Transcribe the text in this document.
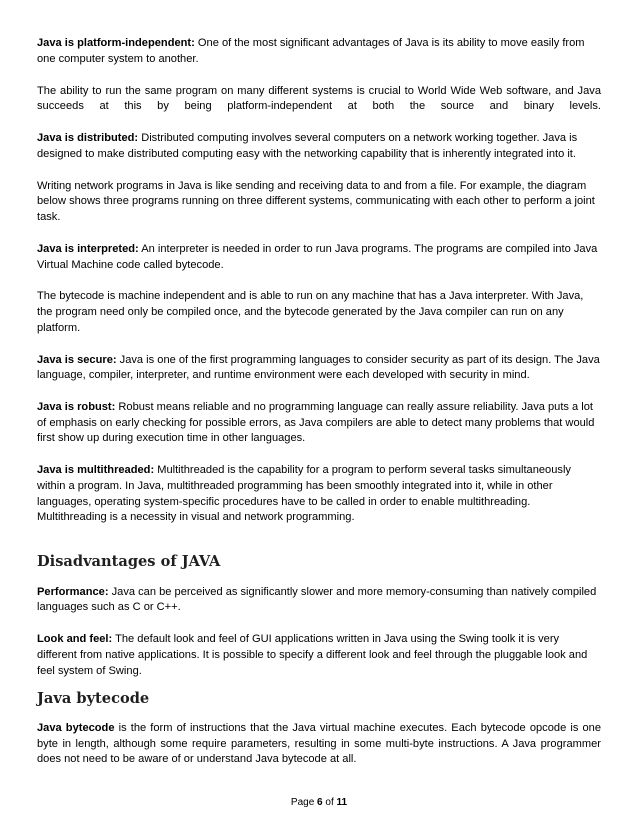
Java is platform-independent: One of the most significant advantages of Java is its ability to move easily from one computer system to another.

The ability to run the same program on many different systems is crucial to World Wide Web software, and Java succeeds at this by being platform-independent at both the source and binary levels.

Java is distributed: Distributed computing involves several computers on a network working together. Java is designed to make distributed computing easy with the networking capability that is inherently integrated into it.

Writing network programs in Java is like sending and receiving data to and from a file. For example, the diagram below shows three programs running on three different systems, communicating with each other to perform a joint task.

Java is interpreted: An interpreter is needed in order to run Java programs. The programs are compiled into Java Virtual Machine code called bytecode.

The bytecode is machine independent and is able to run on any machine that has a Java interpreter. With Java, the program need only be compiled once, and the bytecode generated by the Java compiler can run on any platform.

Java is secure: Java is one of the first programming languages to consider security as part of its design. The Java language, compiler, interpreter, and runtime environment were each developed with security in mind.

Java is robust: Robust means reliable and no programming language can really assure reliability. Java puts a lot of emphasis on early checking for possible errors, as Java compilers are able to detect many problems that would first show up during execution time in other languages.

Java is multithreaded: Multithreaded is the capability for a program to perform several tasks simultaneously within a program. In Java, multithreaded programming has been smoothly integrated into it, while in other languages, operating system-specific procedures have to be called in order to enable multithreading. Multithreading is a necessity in visual and network programming.

Disadvantages of JAVA

Performance: Java can be perceived as significantly slower and more memory-consuming than natively compiled languages such as C or C++.

Look and feel: The default look and feel of GUI applications written in Java using the Swing toolk it is very different from native applications. It is possible to specify a different look and feel through the pluggable look and feel system of Swing.

Java bytecode

Java bytecode is the form of instructions that the Java virtual machine executes. Each bytecode opcode is one byte in length, although some require parameters, resulting in some multi-byte instructions. A Java programmer does not need to be aware of or understand Java bytecode at all.

Page 6 of 11
